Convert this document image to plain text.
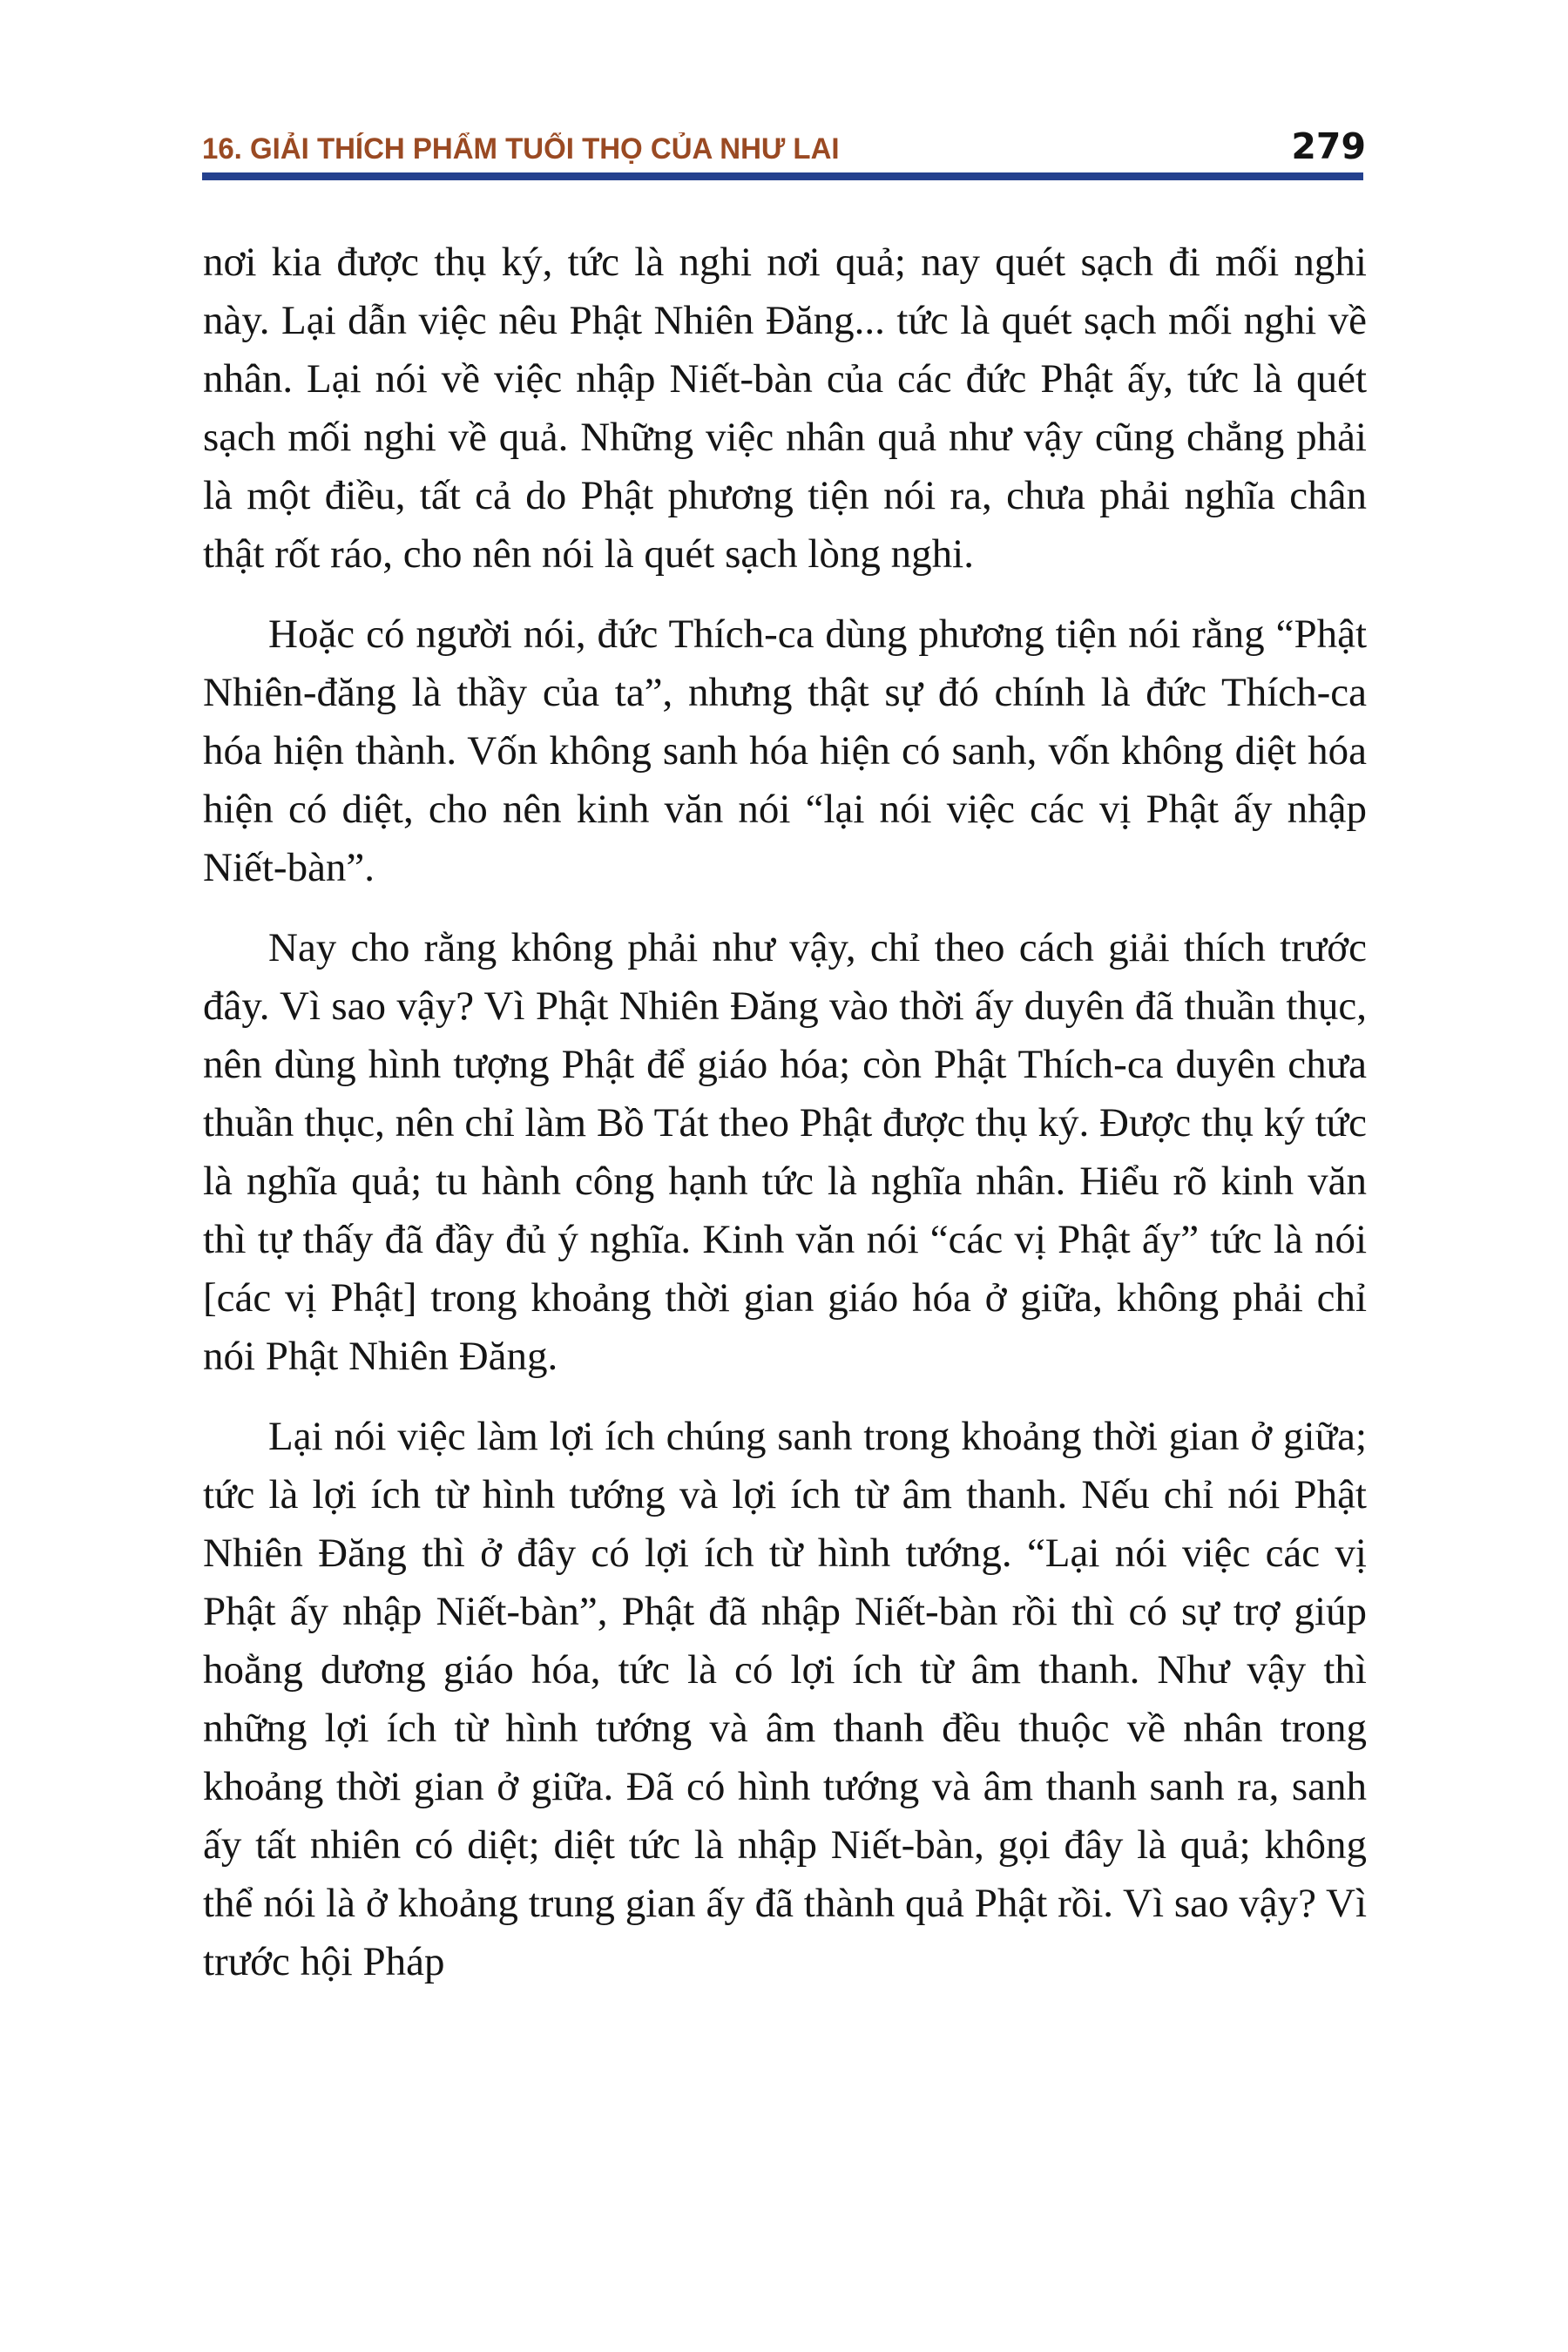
16. GIẢI THÍCH PHẨM TUỔI THỌ CỦA NHƯ LAI	279

nơi kia được thụ ký, tức là nghi nơi quả; nay quét sạch đi mối nghi này. Lại dẫn việc nêu Phật Nhiên Đăng... tức là quét sạch mối nghi về nhân. Lại nói về việc nhập Niết-bàn của các đức Phật ấy, tức là quét sạch mối nghi về quả. Những việc nhân quả như vậy cũng chẳng phải là một điều, tất cả do Phật phương tiện nói ra, chưa phải nghĩa chân thật rốt ráo, cho nên nói là quét sạch lòng nghi.

Hoặc có người nói, đức Thích-ca dùng phương tiện nói rằng “Phật Nhiên-đăng là thầy của ta”, nhưng thật sự đó chính là đức Thích-ca hóa hiện thành. Vốn không sanh hóa hiện có sanh, vốn không diệt hóa hiện có diệt, cho nên kinh văn nói “lại nói việc các vị Phật ấy nhập Niết-bàn”.

Nay cho rằng không phải như vậy, chỉ theo cách giải thích trước đây. Vì sao vậy? Vì Phật Nhiên Đăng vào thời ấy duyên đã thuần thục, nên dùng hình tượng Phật để giáo hóa; còn Phật Thích-ca duyên chưa thuần thục, nên chỉ làm Bồ Tát theo Phật được thụ ký. Được thụ ký tức là nghĩa quả; tu hành công hạnh tức là nghĩa nhân. Hiểu rõ kinh văn thì tự thấy đã đầy đủ ý nghĩa. Kinh văn nói “các vị Phật ấy” tức là nói [các vị Phật] trong khoảng thời gian giáo hóa ở giữa, không phải chỉ nói Phật Nhiên Đăng.

Lại nói việc làm lợi ích chúng sanh trong khoảng thời gian ở giữa; tức là lợi ích từ hình tướng và lợi ích từ âm thanh. Nếu chỉ nói Phật Nhiên Đăng thì ở đây có lợi ích từ hình tướng. “Lại nói việc các vị Phật ấy nhập Niết-bàn”, Phật đã nhập Niết-bàn rồi thì có sự trợ giúp hoằng dương giáo hóa, tức là có lợi ích từ âm thanh. Như vậy thì những lợi ích từ hình tướng và âm thanh đều thuộc về nhân trong khoảng thời gian ở giữa. Đã có hình tướng và âm thanh sanh ra, sanh ấy tất nhiên có diệt; diệt tức là nhập Niết-bàn, gọi đây là quả; không thể nói là ở khoảng trung gian ấy đã thành quả Phật rồi. Vì sao vậy? Vì trước hội Pháp
